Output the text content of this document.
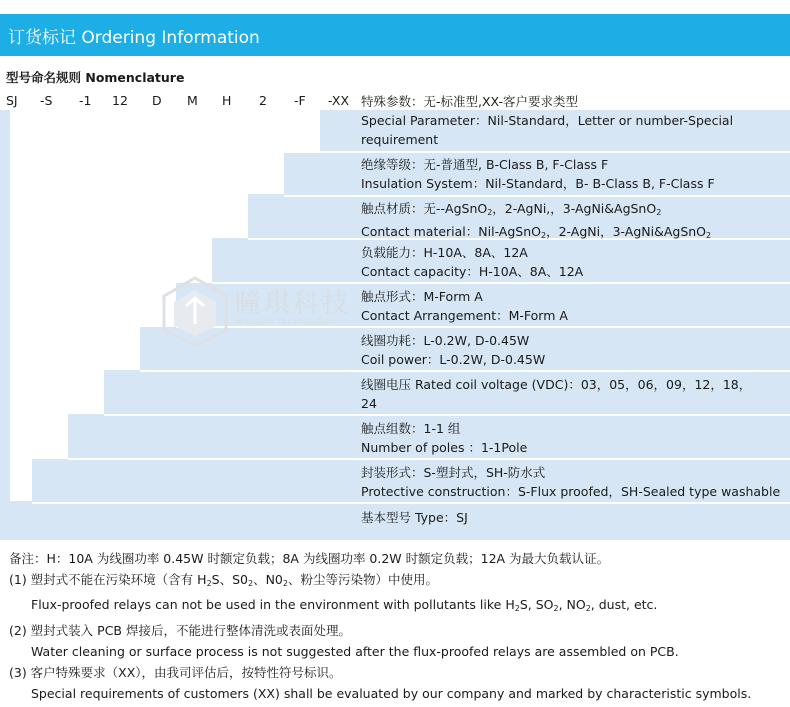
订货标记 Ordering Information
型号命名规则 Nomenclature
瞳琪科技
WILLSON TECHNOLOGY
SJ -S -1 12 D M H 2 -F -XX 特殊参数：无-标准型,XX-客户要求类型
Special Parameter：Nil-Standard，Letter or number-Special requirement
绝缘等级：无-普通型, B-Class B, F-Class F
Insulation System：Nil-Standard，B- B-Class B, F-Class F
触点材质：无--AgSnO$_2$，2-AgNi,，3-AgNi&AgSnO$_2$
Contact material：Nil-AgSnO$_2$，2-AgNi，3-AgNi&AgSnO$_2$
负载能力：H-10A、8A、12A
Contact capacity：H-10A、8A、12A
触点形式：M-Form A
Contact Arrangement：M-Form A
线圈功耗：L-0.2W, D-0.45W
Coil power：L-0.2W, D-0.45W
线圈电压 Rated coil voltage (VDC)：03，05，06，09，12，18，24
触点组数：1-1 组
Number of poles ：1-1Pole
封装形式：S-塑封式，SH-防水式
Protective construction：S-Flux proofed，SH-Sealed type washable
基本型号 Type：SJ
备注：H：10A 为线圈功率 0.45W 时额定负载；8A 为线圈功率 0.2W 时额定负载；12A 为最大负载认证。
(1) 塑封式不能在污染环境（含有 $H_2S$、$S0_2$、$N0_2$、粉尘等污染物）中使用。
Flux-proofed relays can not be used in the environment with pollutants like $H_2S$, $SO_2$, $NO_2$, dust, etc.
(2) 塑封式装入 PCB 焊接后，不能进行整体清洗或表面处理。
Water cleaning or surface process is not suggested after the flux-proofed relays are assembled on PCB.
(3) 客户特殊要求（XX），由我司评估后，按特性符号标识。
Special requirements of customers (XX) shall be evaluated by our company and marked by characteristic symbols.
